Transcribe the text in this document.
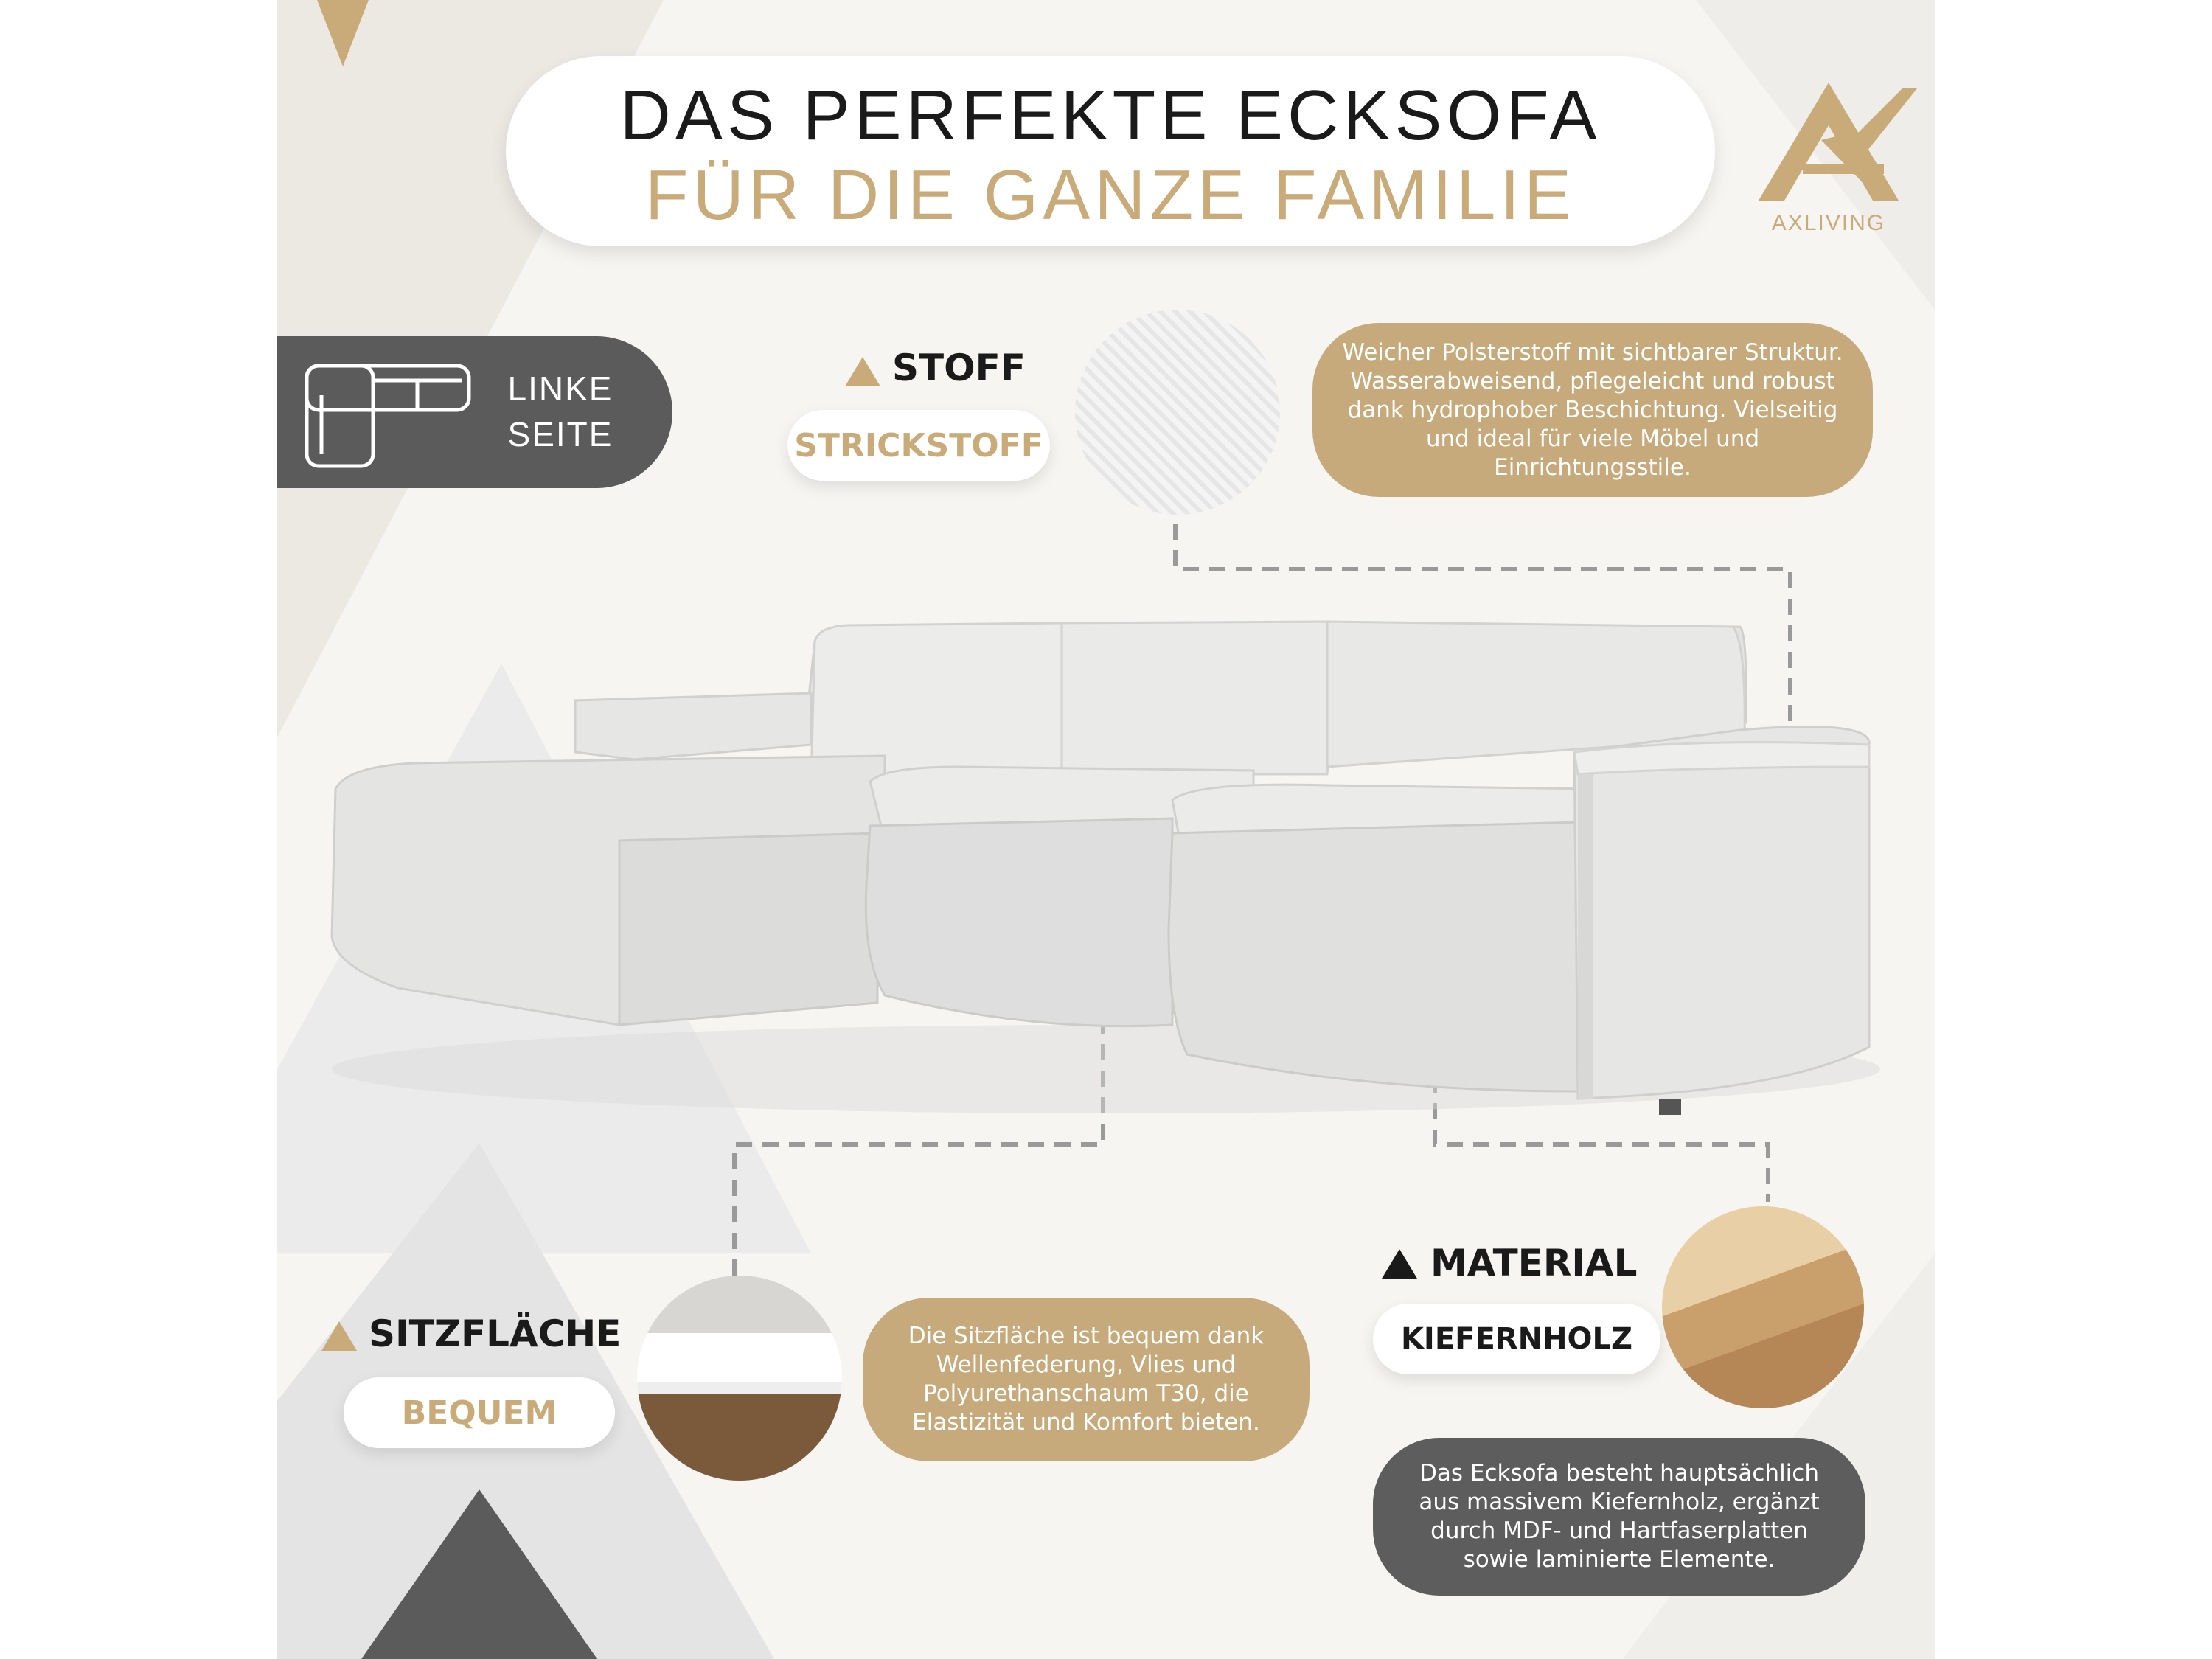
DAS PERFEKTE ECKSOFA
FÜR DIE GANZE FAMILIE	AXLIVING
LINKE
SEITE
STOFF
STRICKSTOFF
Weicher Polsterstoff mit sichtbarer Struktur. Wasserabweisend, pflegeleicht und robust dank hydrophober Beschichtung. Vielseitig und ideal für viele Möbel und Einrichtungsstile.
SITZFLÄCHE
BEQUEM
Die Sitzfläche ist bequem dank Wellenfederung, Vlies und Polyurethanschaum T30, die Elastizität und Komfort bieten.
MATERIAL
KIEFERNHOLZ
Das Ecksofa besteht hauptsächlich aus massivem Kiefernholz, ergänzt durch MDF- und Hartfaserplatten sowie laminierte Elemente.
